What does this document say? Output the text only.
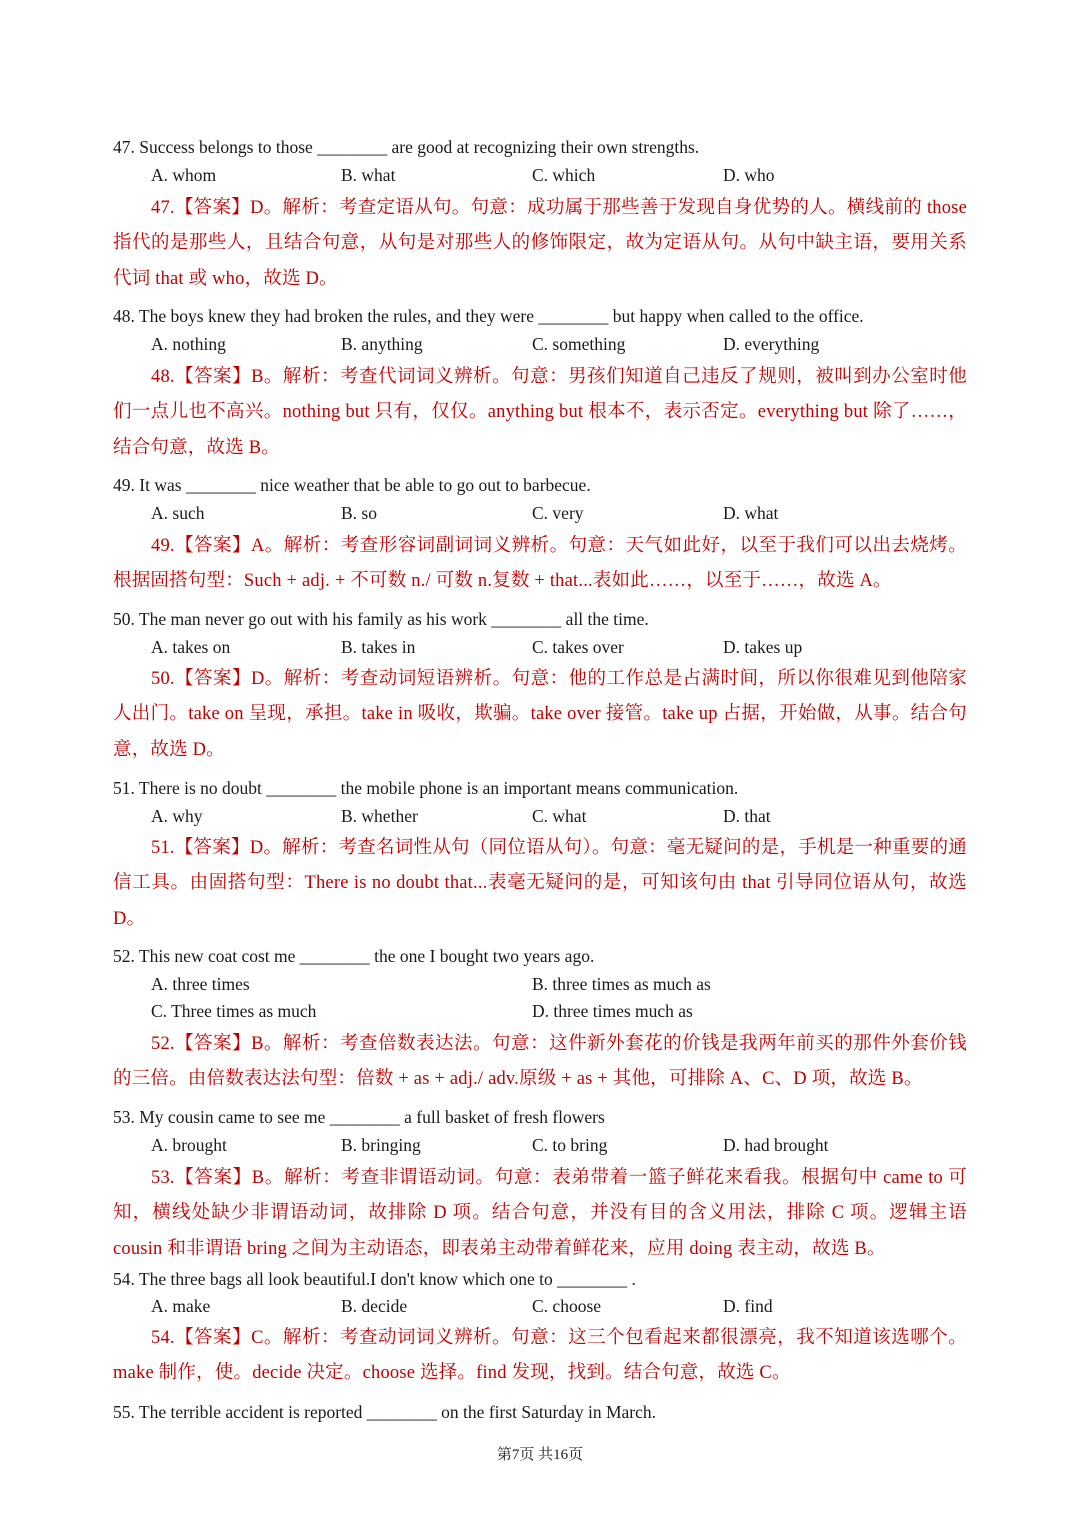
47. Success belongs to those ________ are good at recognizing their own strengths.
A. whom	B. what	C. which	D. who
47.【答案】D。解析：考查定语从句。句意：成功属于那些善于发现自身优势的人。横线前的 those 指代的是那些人，且结合句意，从句是对那些人的修饰限定，故为定语从句。从句中缺主语，要用关系代词 that 或 who，故选 D。
48. The boys knew they had broken the rules, and they were ________ but happy when called to the office.
A. nothing	B. anything	C. something	D. everything
48.【答案】B。解析：考查代词词义辨析。句意：男孩们知道自己违反了规则，被叫到办公室时他们一点儿也不高兴。nothing but 只有，仅仅。anything but 根本不，表示否定。everything but 除了……，结合句意，故选 B。
49. It was ________ nice weather that be able to go out to barbecue.
A. such	B. so	C. very	D. what
49.【答案】A。解析：考查形容词副词词义辨析。句意：天气如此好，以至于我们可以出去烧烤。根据固搭句型：Such + adj. + 不可数 n./ 可数 n.复数 + that...表如此……，以至于……，故选 A。
50. The man never go out with his family as his work ________ all the time.
A. takes on	B. takes in	C. takes over	D. takes up
50.【答案】D。解析：考查动词短语辨析。句意：他的工作总是占满时间，所以你很难见到他陪家人出门。take on 呈现，承担。take in 吸收，欺骗。take over 接管。take up 占据，开始做，从事。结合句意，故选 D。
51. There is no doubt ________ the mobile phone is an important means communication.
A. why	B. whether	C. what	D. that
51.【答案】D。解析：考查名词性从句（同位语从句）。句意：毫无疑问的是，手机是一种重要的通信工具。由固搭句型：There is no doubt that...表毫无疑问的是，可知该句由 that 引导同位语从句，故选 D。
52. This new coat cost me ________ the one I bought two years ago.
A. three times	B. three times as much as
C. Three times as much	D. three times much as
52.【答案】B。解析：考查倍数表达法。句意：这件新外套花的价钱是我两年前买的那件外套价钱的三倍。由倍数表达法句型：倍数 + as + adj./ adv.原级 + as + 其他，可排除 A、C、D 项，故选 B。
53. My cousin came to see me ________ a full basket of fresh flowers
A. brought	B. bringing	C. to bring	D. had brought
53.【答案】B。解析：考查非谓语动词。句意：表弟带着一篮子鲜花来看我。根据句中 came to 可知，横线处缺少非谓语动词，故排除 D 项。结合句意，并没有目的含义用法，排除 C 项。逻辑主语 cousin 和非谓语 bring 之间为主动语态，即表弟主动带着鲜花来，应用 doing 表主动，故选 B。
54. The three bags all look beautiful.I don't know which one to ________ .
A. make	B. decide	C. choose	D. find
54.【答案】C。解析：考查动词词义辨析。句意：这三个包看起来都很漂亮，我不知道该选哪个。make 制作，使。decide 决定。choose 选择。find 发现，找到。结合句意，故选 C。
55. The terrible accident is reported ________ on the first Saturday in March.
第7页 共16页
